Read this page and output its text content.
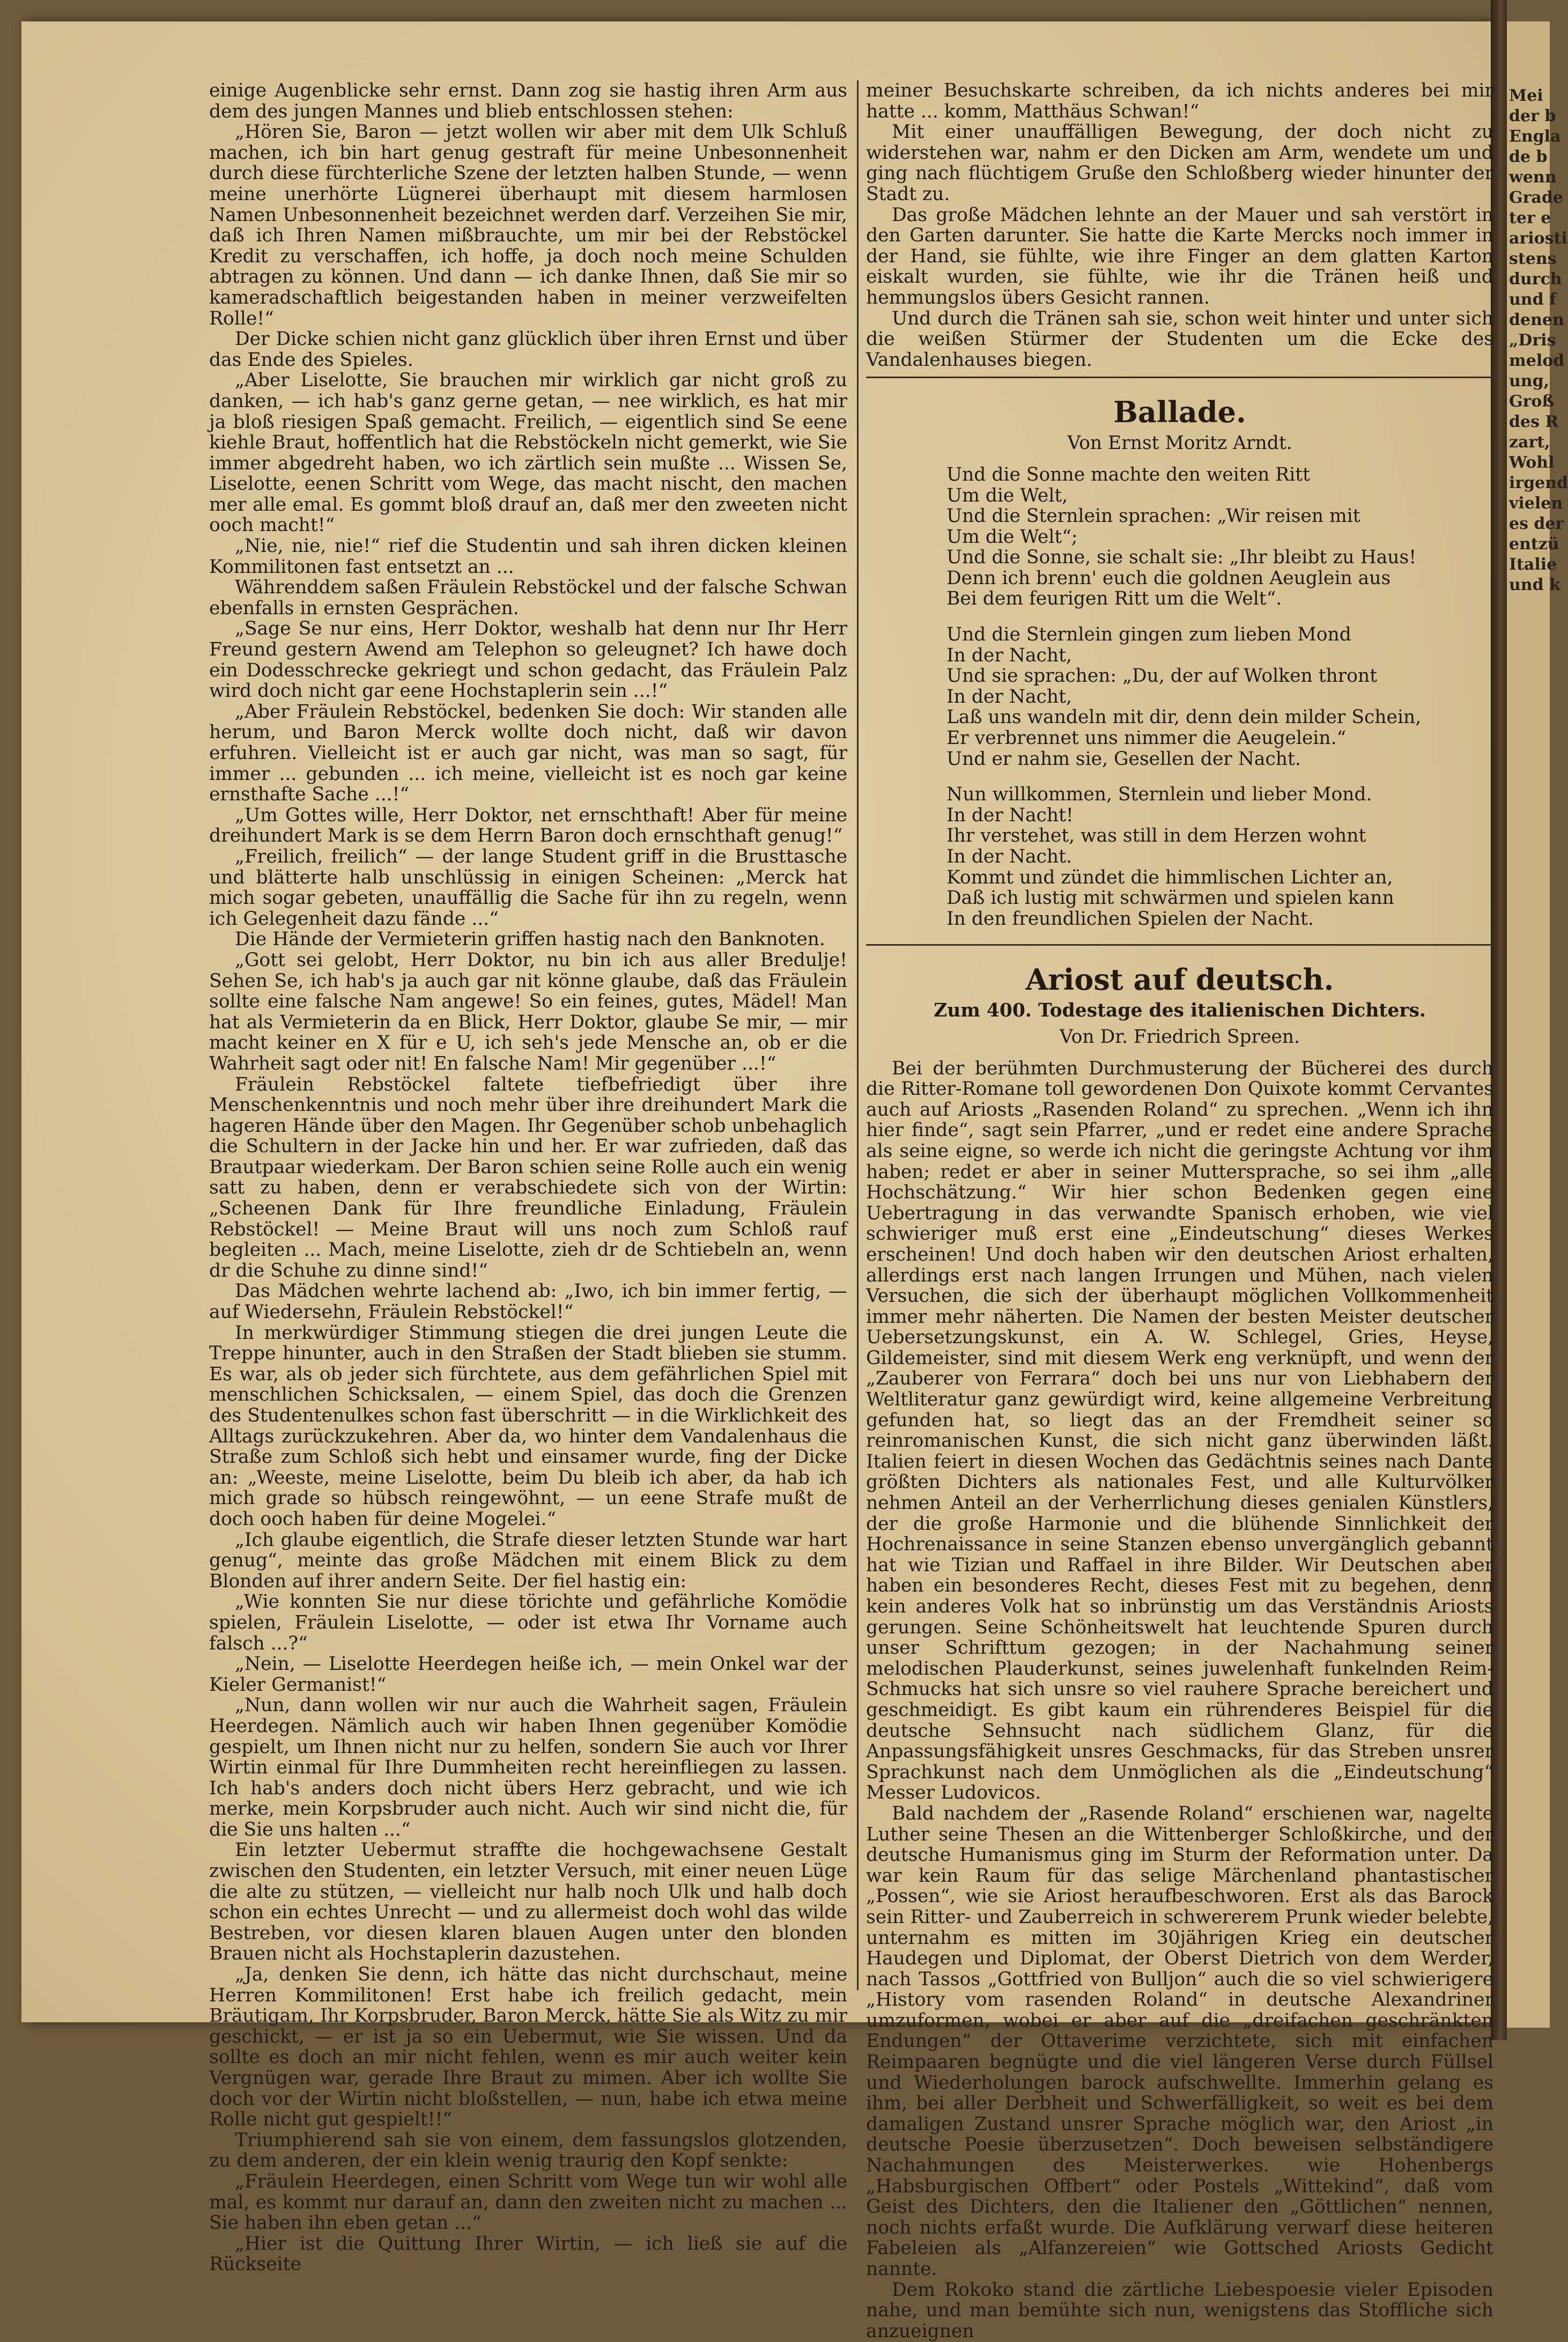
Mei
der b
Engla
de b
wenn
Grade
ter e
ariosti
stens
durch
und f
denen
„Dris
melod
ung,
Groß
des R
zart,
Wohl
irgend
vielen
es der
entzü
Italie
und k

einige Augenblicke sehr ernst. Dann zog sie hastig ihren Arm aus dem des jungen Mannes und blieb entschlossen stehen:

„Hören Sie, Baron — jetzt wollen wir aber mit dem Ulk Schluß machen, ich bin hart genug gestraft für meine Unbesonnenheit durch diese fürchterliche Szene der letzten halben Stunde, — wenn meine unerhörte Lügnerei überhaupt mit diesem harmlosen Namen Unbesonnenheit bezeichnet werden darf. Verzeihen Sie mir, daß ich Ihren Namen mißbrauchte, um mir bei der Rebstöckel Kredit zu verschaffen, ich hoffe, ja doch noch meine Schulden abtragen zu können. Und dann — ich danke Ihnen, daß Sie mir so kameradschaftlich beigestanden haben in meiner verzweifelten Rolle!“

Der Dicke schien nicht ganz glücklich über ihren Ernst und über das Ende des Spieles.

„Aber Liselotte, Sie brauchen mir wirklich gar nicht groß zu danken, — ich hab's ganz gerne getan, — nee wirklich, es hat mir ja bloß riesigen Spaß gemacht. Freilich, — eigentlich sind Se eene kiehle Braut, hoffentlich hat die Rebstöckeln nicht gemerkt, wie Sie immer abgedreht haben, wo ich zärtlich sein mußte ... Wissen Se, Liselotte, eenen Schritt vom Wege, das macht nischt, den machen mer alle emal. Es gommt bloß drauf an, daß mer den zweeten nicht ooch macht!“

„Nie, nie, nie!“ rief die Studentin und sah ihren dicken kleinen Kommilitonen fast entsetzt an ...

Währenddem saßen Fräulein Rebstöckel und der falsche Schwan ebenfalls in ernsten Gesprächen.

„Sage Se nur eins, Herr Doktor, weshalb hat denn nur Ihr Herr Freund gestern Awend am Telephon so geleugnet? Ich hawe doch ein Dodesschrecke gekriegt und schon gedacht, das Fräulein Palz wird doch nicht gar eene Hochstaplerin sein ...!“

„Aber Fräulein Rebstöckel, bedenken Sie doch: Wir standen alle herum, und Baron Merck wollte doch nicht, daß wir davon erfuhren. Vielleicht ist er auch gar nicht, was man so sagt, für immer ... gebunden ... ich meine, vielleicht ist es noch gar keine ernsthafte Sache ...!“

„Um Gottes wille, Herr Doktor, net ernschthaft! Aber für meine dreihundert Mark is se dem Herrn Baron doch ernschthaft genug!“

„Freilich, freilich“ — der lange Student griff in die Brusttasche und blätterte halb unschlüssig in einigen Scheinen: „Merck hat mich sogar gebeten, unauffällig die Sache für ihn zu regeln, wenn ich Gelegenheit dazu fände ...“

Die Hände der Vermieterin griffen hastig nach den Banknoten.

„Gott sei gelobt, Herr Doktor, nu bin ich aus aller Bredulje! Sehen Se, ich hab's ja auch gar nit könne glaube, daß das Fräulein sollte eine falsche Nam angewe! So ein feines, gutes, Mädel! Man hat als Vermieterin da en Blick, Herr Doktor, glaube Se mir, — mir macht keiner en X für e U, ich seh's jede Mensche an, ob er die Wahrheit sagt oder nit! En falsche Nam! Mir gegenüber ...!“

Fräulein Rebstöckel faltete tiefbefriedigt über ihre Menschenkenntnis und noch mehr über ihre dreihundert Mark die hageren Hände über den Magen. Ihr Gegenüber schob unbehaglich die Schultern in der Jacke hin und her. Er war zufrieden, daß das Brautpaar wiederkam. Der Baron schien seine Rolle auch ein wenig satt zu haben, denn er verabschiedete sich von der Wirtin: „Scheenen Dank für Ihre freundliche Einladung, Fräulein Rebstöckel! — Meine Braut will uns noch zum Schloß rauf begleiten ... Mach, meine Liselotte, zieh dr de Schtiebeln an, wenn dr die Schuhe zu dinne sind!“

Das Mädchen wehrte lachend ab: „Iwo, ich bin immer fertig, — auf Wiedersehn, Fräulein Rebstöckel!“

In merkwürdiger Stimmung stiegen die drei jungen Leute die Treppe hinunter, auch in den Straßen der Stadt blieben sie stumm. Es war, als ob jeder sich fürchtete, aus dem gefährlichen Spiel mit menschlichen Schicksalen, — einem Spiel, das doch die Grenzen des Studentenulkes schon fast überschritt — in die Wirklichkeit des Alltags zurückzukehren. Aber da, wo hinter dem Vandalenhaus die Straße zum Schloß sich hebt und einsamer wurde, fing der Dicke an: „Weeste, meine Liselotte, beim Du bleib ich aber, da hab ich mich grade so hübsch reingewöhnt, — un eene Strafe mußt de doch ooch haben für deine Mogelei.“

„Ich glaube eigentlich, die Strafe dieser letzten Stunde war hart genug“, meinte das große Mädchen mit einem Blick zu dem Blonden auf ihrer andern Seite. Der fiel hastig ein:

„Wie konnten Sie nur diese törichte und gefährliche Komödie spielen, Fräulein Liselotte, — oder ist etwa Ihr Vorname auch falsch ...?“

„Nein, — Liselotte Heerdegen heiße ich, — mein Onkel war der Kieler Germanist!“

„Nun, dann wollen wir nur auch die Wahrheit sagen, Fräulein Heerdegen. Nämlich auch wir haben Ihnen gegenüber Komödie gespielt, um Ihnen nicht nur zu helfen, sondern Sie auch vor Ihrer Wirtin einmal für Ihre Dummheiten recht hereinfliegen zu lassen. Ich hab's anders doch nicht übers Herz gebracht, und wie ich merke, mein Korpsbruder auch nicht. Auch wir sind nicht die, für die Sie uns halten ...“

Ein letzter Uebermut straffte die hochgewachsene Gestalt zwischen den Studenten, ein letzter Versuch, mit einer neuen Lüge die alte zu stützen, — vielleicht nur halb noch Ulk und halb doch schon ein echtes Unrecht — und zu allermeist doch wohl das wilde Bestreben, vor diesen klaren blauen Augen unter den blonden Brauen nicht als Hochstaplerin dazustehen.

„Ja, denken Sie denn, ich hätte das nicht durchschaut, meine Herren Kommilitonen! Erst habe ich freilich gedacht, mein Bräutigam, Ihr Korpsbruder, Baron Merck, hätte Sie als Witz zu mir geschickt, — er ist ja so ein Uebermut, wie Sie wissen. Und da sollte es doch an mir nicht fehlen, wenn es mir auch weiter kein Vergnügen war, gerade Ihre Braut zu mimen. Aber ich wollte Sie doch vor der Wirtin nicht bloßstellen, — nun, habe ich etwa meine Rolle nicht gut gespielt!!“

Triumphierend sah sie von einem, dem fassungslos glotzenden, zu dem anderen, der ein klein wenig traurig den Kopf senkte:

„Fräulein Heerdegen, einen Schritt vom Wege tun wir wohl alle mal, es kommt nur darauf an, dann den zweiten nicht zu machen ... Sie haben ihn eben getan ...“

„Hier ist die Quittung Ihrer Wirtin, — ich ließ sie auf die Rückseite

meiner Besuchskarte schreiben, da ich nichts anderes bei mir hatte ... komm, Matthäus Schwan!“

Mit einer unauffälligen Bewegung, der doch nicht zu widerstehen war, nahm er den Dicken am Arm, wendete um und ging nach flüchtigem Gruße den Schloßberg wieder hinunter der Stadt zu.

Das große Mädchen lehnte an der Mauer und sah verstört in den Garten darunter. Sie hatte die Karte Mercks noch immer in der Hand, sie fühlte, wie ihre Finger an dem glatten Karton eiskalt wurden, sie fühlte, wie ihr die Tränen heiß und hemmungslos übers Gesicht rannen.

Und durch die Tränen sah sie, schon weit hinter und unter sich die weißen Stürmer der Studenten um die Ecke des Vandalenhauses biegen.

Ballade.

Von Ernst Moritz Arndt.

Und die Sonne machte den weiten Ritt
Um die Welt,
Und die Sternlein sprachen: „Wir reisen mit
Um die Welt“;
Und die Sonne, sie schalt sie: „Ihr bleibt zu Haus!
Denn ich brenn' euch die goldnen Aeuglein aus
Bei dem feurigen Ritt um die Welt“.
Und die Sternlein gingen zum lieben Mond
In der Nacht,
Und sie sprachen: „Du, der auf Wolken thront
In der Nacht,
Laß uns wandeln mit dir, denn dein milder Schein,
Er verbrennet uns nimmer die Aeugelein.“
Und er nahm sie, Gesellen der Nacht.
Nun willkommen, Sternlein und lieber Mond.
In der Nacht!
Ihr verstehet, was still in dem Herzen wohnt
In der Nacht.
Kommt und zündet die himmlischen Lichter an,
Daß ich lustig mit schwärmen und spielen kann
In den freundlichen Spielen der Nacht.
Ariost auf deutsch.

Zum 400. Todestage des italienischen Dichters.

Von Dr. Friedrich Spreen.

Bei der berühmten Durchmusterung der Bücherei des durch die Ritter-Romane toll gewordenen Don Quixote kommt Cervantes auch auf Ariosts „Rasenden Roland“ zu sprechen. „Wenn ich ihn hier finde“, sagt sein Pfarrer, „und er redet eine andere Sprache als seine eigne, so werde ich nicht die geringste Achtung vor ihm haben; redet er aber in seiner Muttersprache, so sei ihm „alle Hochschätzung.“ Wir hier schon Bedenken gegen eine Uebertragung in das verwandte Spanisch erhoben, wie viel schwieriger muß erst eine „Eindeutschung“ dieses Werkes erscheinen! Und doch haben wir den deutschen Ariost erhalten, allerdings erst nach langen Irrungen und Mühen, nach vielen Versuchen, die sich der überhaupt möglichen Vollkommenheit immer mehr näherten. Die Namen der besten Meister deutscher Uebersetzungskunst, ein A. W. Schlegel, Gries, Heyse, Gildemeister, sind mit diesem Werk eng verknüpft, und wenn der „Zauberer von Ferrara“ doch bei uns nur von Liebhabern der Weltliteratur ganz gewürdigt wird, keine allgemeine Verbreitung gefunden hat, so liegt das an der Fremdheit seiner so reinromanischen Kunst, die sich nicht ganz überwinden läßt. Italien feiert in diesen Wochen das Gedächtnis seines nach Dante größten Dichters als nationales Fest, und alle Kulturvölker nehmen Anteil an der Verherrlichung dieses genialen Künstlers, der die große Harmonie und die blühende Sinnlichkeit der Hochrenaissance in seine Stanzen ebenso unvergänglich gebannt hat wie Tizian und Raffael in ihre Bilder. Wir Deutschen aber haben ein besonderes Recht, dieses Fest mit zu begehen, denn kein anderes Volk hat so inbrünstig um das Verständnis Ariosts gerungen. Seine Schönheitswelt hat leuchtende Spuren durch unser Schrifttum gezogen; in der Nachahmung seiner melodischen Plauderkunst, seines juwelenhaft funkelnden Reim-Schmucks hat sich unsre so viel rauhere Sprache bereichert und geschmeidigt. Es gibt kaum ein rührenderes Beispiel für die deutsche Sehnsucht nach südlichem Glanz, für die Anpassungsfähigkeit unsres Geschmacks, für das Streben unsrer Sprachkunst nach dem Unmöglichen als die „Eindeutschung“ Messer Ludovicos.

Bald nachdem der „Rasende Roland“ erschienen war, nagelte Luther seine Thesen an die Wittenberger Schloßkirche, und der deutsche Humanismus ging im Sturm der Reformation unter. Da war kein Raum für das selige Märchenland phantastischer „Possen“, wie sie Ariost heraufbeschworen. Erst als das Barock sein Ritter- und Zauberreich in schwererem Prunk wieder belebte, unternahm es mitten im 30jährigen Krieg ein deutscher Haudegen und Diplomat, der Oberst Dietrich von dem Werder, nach Tassos „Gottfried von Bulljon“ auch die so viel schwierigere „History vom rasenden Roland“ in deutsche Alexandriner umzuformen, wobei er aber auf die „dreifachen geschränkten Endungen“ der Ottaverime verzichtete, sich mit einfachen Reimpaaren begnügte und die viel längeren Verse durch Füllsel und Wiederholungen barock aufschwellte. Immerhin gelang es ihm, bei aller Derbheit und Schwerfälligkeit, so weit es bei dem damaligen Zustand unsrer Sprache möglich war, den Ariost „in deutsche Poesie überzusetzen“. Doch beweisen selbständigere Nachahmungen des Meisterwerkes. wie Hohenbergs „Habsburgischen Offbert“ oder Postels „Wittekind“, daß vom Geist des Dichters, den die Italiener den „Göttlichen“ nennen, noch nichts erfaßt wurde. Die Aufklärung verwarf diese heiteren Fabeleien als „Alfanzereien“ wie Gottsched Ariosts Gedicht nannte.

Dem Rokoko stand die zärtliche Liebespoesie vieler Episoden nahe, und man bemühte sich nun, wenigstens das Stoffliche sich anzueignen
